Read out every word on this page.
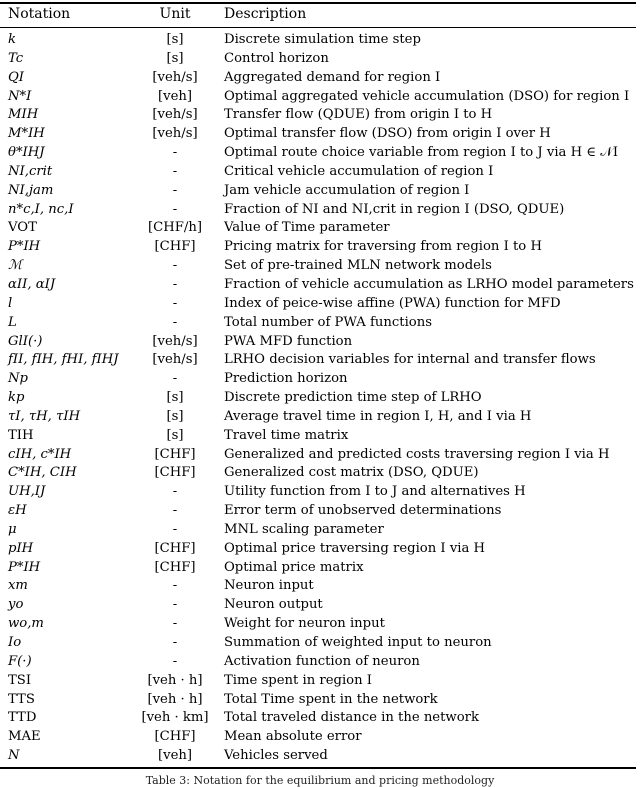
Notation	Unit	Description
k	[s]	Discrete simulation time step
Tc	[s]	Control horizon
QI	[veh/s]	Aggregated demand for region I
N*I	[veh]	Optimal aggregated vehicle accumulation (DSO) for region I
MIH	[veh/s]	Transfer flow (QDUE) from origin I to H
M*IH	[veh/s]	Optimal transfer flow (DSO) from origin I over H
θ*IHJ	-	Optimal route choice variable from region I to J via H ∈ 𝒩I
NI,crit	-	Critical vehicle accumulation of region I
NI,jam	-	Jam vehicle accumulation of region I
n*c,I, nc,I	-	Fraction of NI and NI,crit in region I (DSO, QDUE)
VOT	[CHF/h]	Value of Time parameter
P*IH	[CHF]	Pricing matrix for traversing from region I to H
ℳ	-	Set of pre-trained MLN network models
αII, αIJ	-	Fraction of vehicle accumulation as LRHO model parameters
l	-	Index of peice-wise affine (PWA) function for MFD
L	-	Total number of PWA functions
GlI(·)	[veh/s]	PWA MFD function
fII, fIH, fHI, fIHJ	[veh/s]	LRHO decision variables for internal and transfer flows
Np	-	Prediction horizon
kp	[s]	Discrete prediction time step of LRHO
τI, τH, τIH	[s]	Average travel time in region I, H, and I via H
TIH	[s]	Travel time matrix
cIH, c*IH	[CHF]	Generalized and predicted costs traversing region I via H
C*IH, CIH	[CHF]	Generalized cost matrix (DSO, QDUE)
UH,IJ	-	Utility function from I to J and alternatives H
εH	-	Error term of unobserved determinations
μ	-	MNL scaling parameter
pIH	[CHF]	Optimal price traversing region I via H
P*IH	[CHF]	Optimal price matrix
xm	-	Neuron input
yo	-	Neuron output
wo,m	-	Weight for neuron input
Io	-	Summation of weighted input to neuron
F(·)	-	Activation function of neuron
TSI	[veh · h]	Time spent in region I
TTS	[veh · h]	Total Time spent in the network
TTD	[veh · km]	Total traveled distance in the network
MAE	[CHF]	Mean absolute error
N	[veh]	Vehicles served
Table 3: Notation for the equilibrium and pricing methodology
